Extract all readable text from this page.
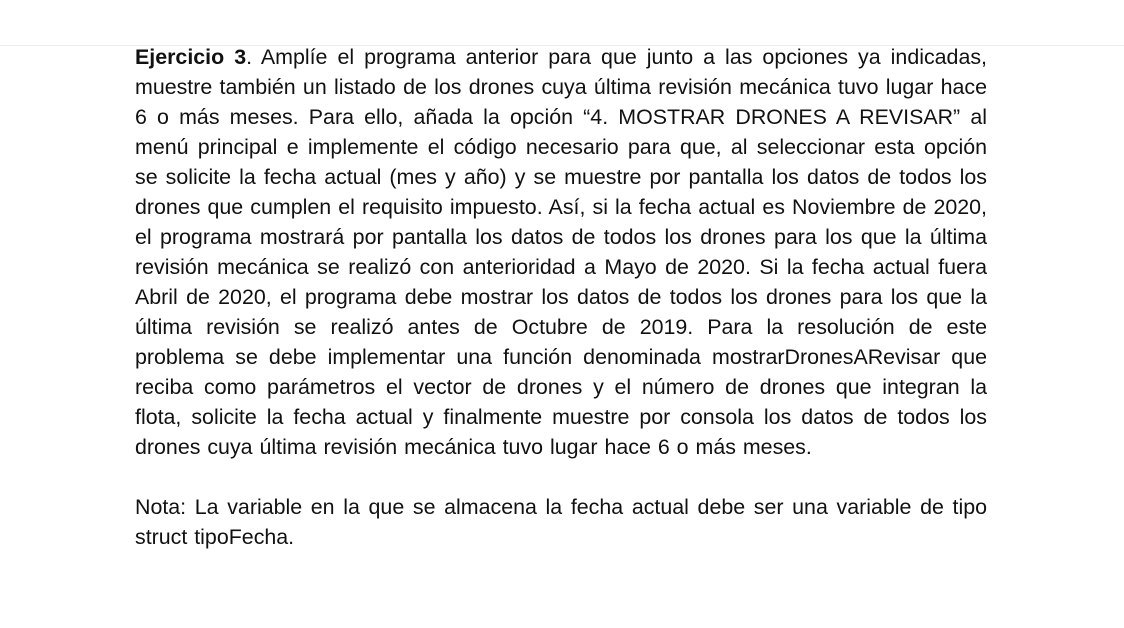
Ejercicio 3. Amplíe el programa anterior para que junto a las opciones ya indicadas, muestre también un listado de los drones cuya última revisión mecánica tuvo lugar hace 6 o más meses. Para ello, añada la opción “4. MOSTRAR DRONES A REVISAR” al menú principal e implemente el código necesario para que, al seleccionar esta opción se solicite la fecha actual (mes y año) y se muestre por pantalla los datos de todos los drones que cumplen el requisito impuesto. Así, si la fecha actual es Noviembre de 2020, el programa mostrará por pantalla los datos de todos los drones para los que la última revisión mecánica se realizó con anterioridad a Mayo de 2020. Si la fecha actual fuera Abril de 2020, el programa debe mostrar los datos de todos los drones para los que la última revisión se realizó antes de Octubre de 2019. Para la resolución de este problema se debe implementar una función denominada mostrarDronesARevisar que reciba como parámetros el vector de drones y el número de drones que integran la flota, solicite la fecha actual y finalmente muestre por consola los datos de todos los drones cuya última revisión mecánica tuvo lugar hace 6 o más meses.

Nota: La variable en la que se almacena la fecha actual debe ser una variable de tipo struct tipoFecha.
